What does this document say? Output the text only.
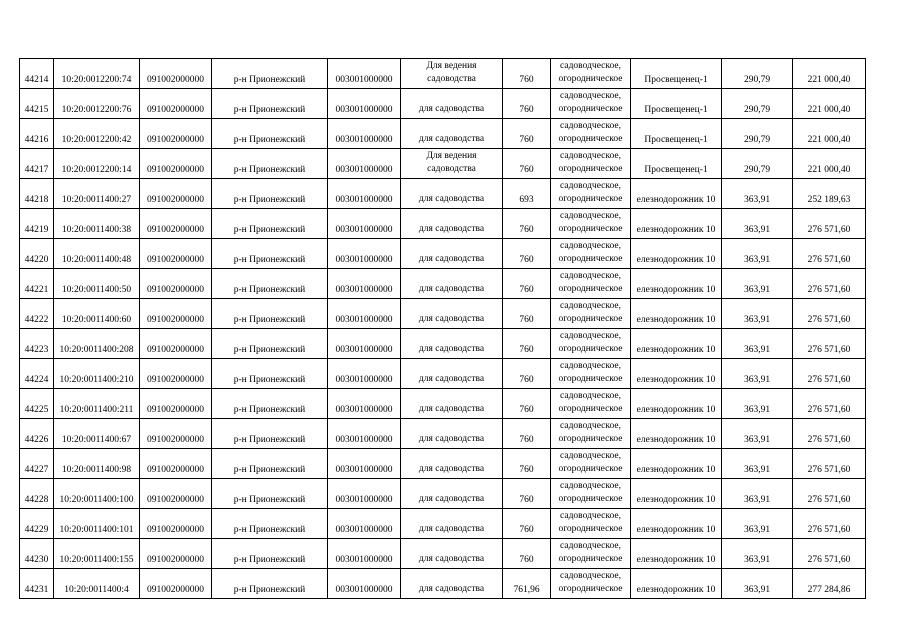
44214	10:20:0012200:74	091002000000	р-н Прионежский	003001000000	Для ведения
садоводства	760	садоводческое,
огородническое	Просвещенец-1	290,79	221 000,40
44215	10:20:0012200:76	091002000000	р-н Прионежский	003001000000	для садоводства	760	садоводческое,
огородническое	Просвещенец-1	290,79	221 000,40
44216	10:20:0012200:42	091002000000	р-н Прионежский	003001000000	для садоводства	760	садоводческое,
огородническое	Просвещенец-1	290,79	221 000,40
44217	10:20:0012200:14	091002000000	р-н Прионежский	003001000000	Для ведения
садоводства	760	садоводческое,
огородническое	Просвещенец-1	290,79	221 000,40
44218	10:20:0011400:27	091002000000	р-н Прионежский	003001000000	для садоводства	693	садоводческое,
огородническое	елезнодорожник 10	363,91	252 189,63
44219	10:20:0011400:38	091002000000	р-н Прионежский	003001000000	для садоводства	760	садоводческое,
огородническое	елезнодорожник 10	363,91	276 571,60
44220	10:20:0011400:48	091002000000	р-н Прионежский	003001000000	для садоводства	760	садоводческое,
огородническое	елезнодорожник 10	363,91	276 571,60
44221	10:20:0011400:50	091002000000	р-н Прионежский	003001000000	для садоводства	760	садоводческое,
огородническое	елезнодорожник 10	363,91	276 571,60
44222	10:20:0011400:60	091002000000	р-н Прионежский	003001000000	для садоводства	760	садоводческое,
огородническое	елезнодорожник 10	363,91	276 571,60
44223	10:20:0011400:208	091002000000	р-н Прионежский	003001000000	для садоводства	760	садоводческое,
огородническое	елезнодорожник 10	363,91	276 571,60
44224	10:20:0011400:210	091002000000	р-н Прионежский	003001000000	для садоводства	760	садоводческое,
огородническое	елезнодорожник 10	363,91	276 571,60
44225	10:20:0011400:211	091002000000	р-н Прионежский	003001000000	для садоводства	760	садоводческое,
огородническое	елезнодорожник 10	363,91	276 571,60
44226	10:20:0011400:67	091002000000	р-н Прионежский	003001000000	для садоводства	760	садоводческое,
огородническое	елезнодорожник 10	363,91	276 571,60
44227	10:20:0011400:98	091002000000	р-н Прионежский	003001000000	для садоводства	760	садоводческое,
огородническое	елезнодорожник 10	363,91	276 571,60
44228	10:20:0011400:100	091002000000	р-н Прионежский	003001000000	для садоводства	760	садоводческое,
огородническое	елезнодорожник 10	363,91	276 571,60
44229	10:20:0011400:101	091002000000	р-н Прионежский	003001000000	для садоводства	760	садоводческое,
огородническое	елезнодорожник 10	363,91	276 571,60
44230	10:20:0011400:155	091002000000	р-н Прионежский	003001000000	для садоводства	760	садоводческое,
огородническое	елезнодорожник 10	363,91	276 571,60
44231	10:20:0011400:4	091002000000	р-н Прионежский	003001000000	для садоводства	761,96	садоводческое,
огородническое	елезнодорожник 10	363,91	277 284,86
